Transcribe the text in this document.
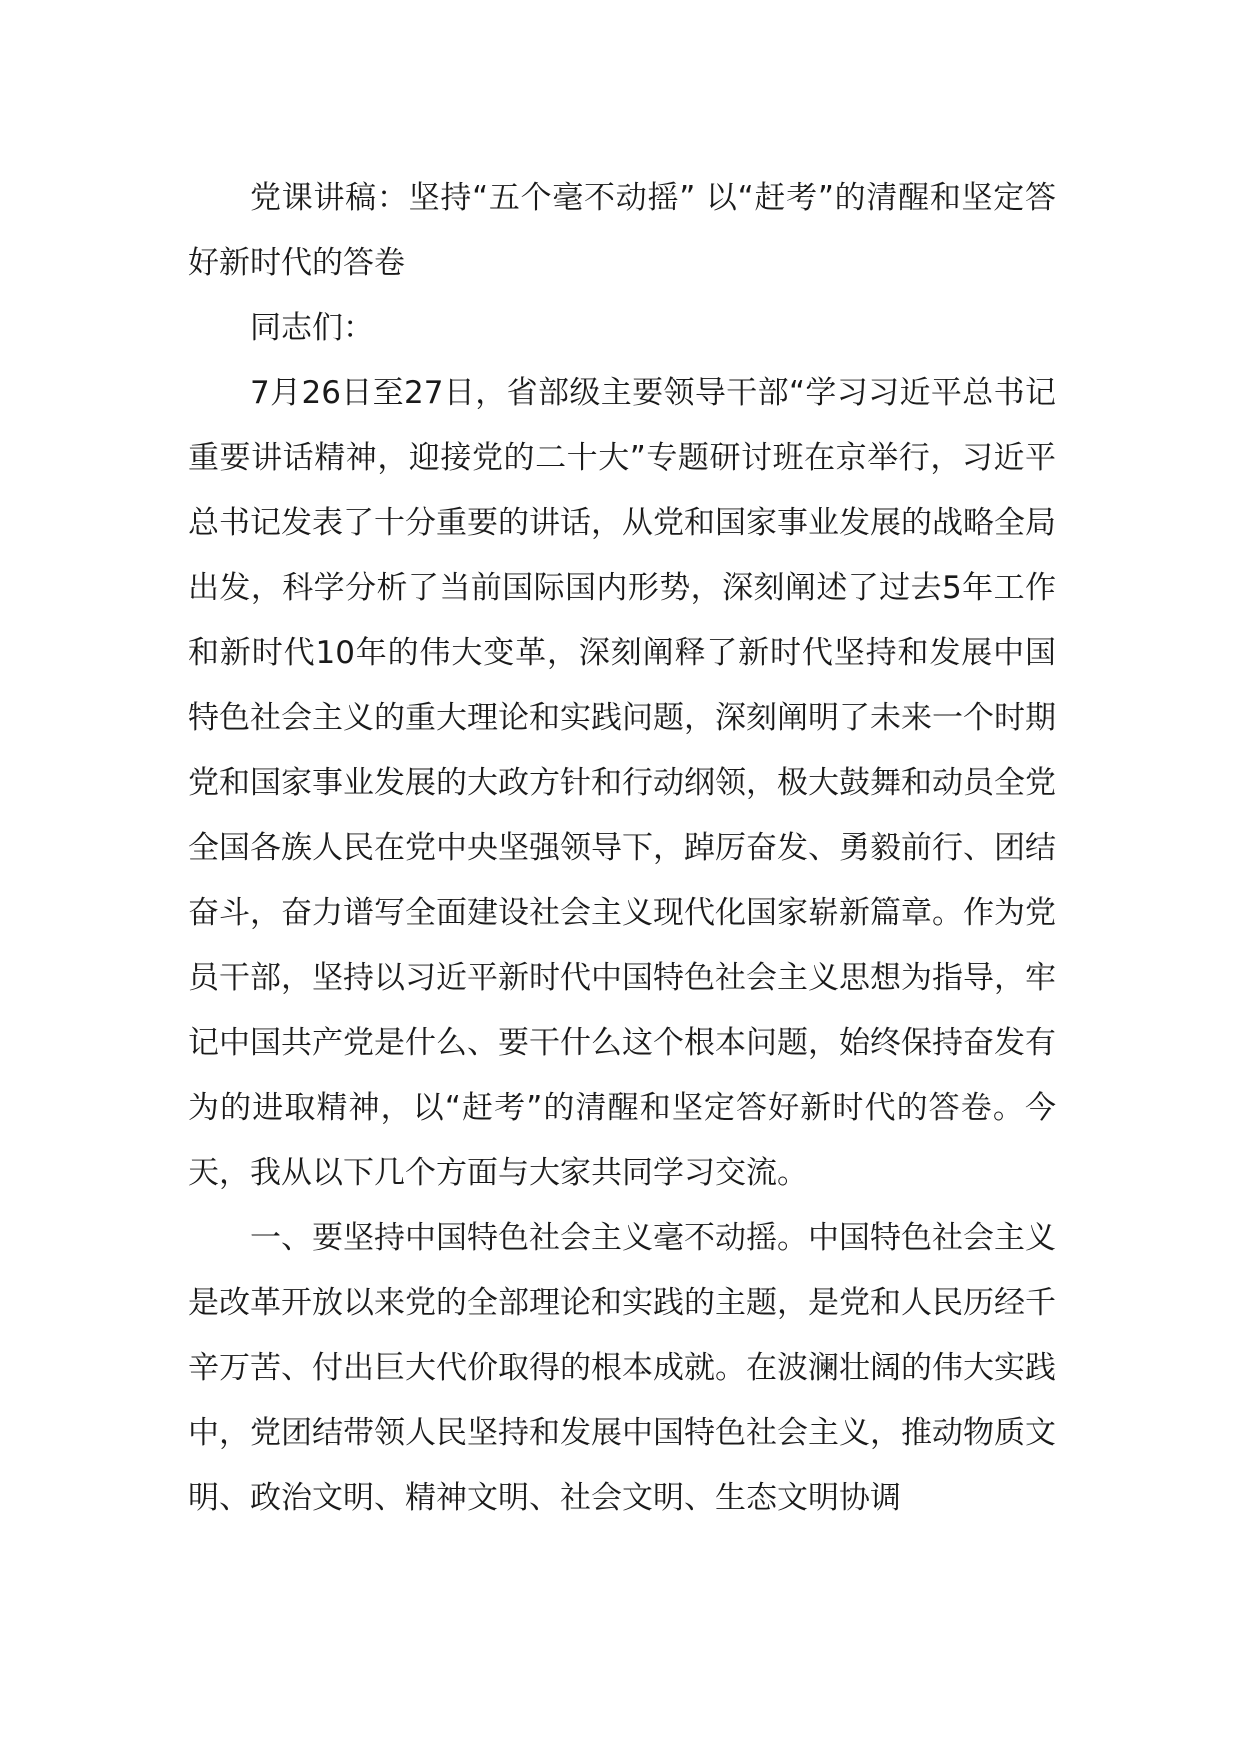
党课讲稿：坚持“五个毫不动摇” 以“赶考”的清醒和坚定答好新时代的答卷

同志们：

7月26日至27日，省部级主要领导干部“学习习近平总书记重要讲话精神，迎接党的二十大”专题研讨班在京举行，习近平总书记发表了十分重要的讲话，从党和国家事业发展的战略全局出发，科学分析了当前国际国内形势，深刻阐述了过去5年工作和新时代10年的伟大变革，深刻阐释了新时代坚持和发展中国特色社会主义的重大理论和实践问题，深刻阐明了未来一个时期党和国家事业发展的大政方针和行动纲领，极大鼓舞和动员全党全国各族人民在党中央坚强领导下，踔厉奋发、勇毅前行、团结奋斗，奋力谱写全面建设社会主义现代化国家崭新篇章。作为党员干部，坚持以习近平新时代中国特色社会主义思想为指导，牢记中国共产党是什么、要干什么这个根本问题，始终保持奋发有为的进取精神，以“赶考”的清醒和坚定答好新时代的答卷。今天，我从以下几个方面与大家共同学习交流。

一、要坚持中国特色社会主义毫不动摇。中国特色社会主义是改革开放以来党的全部理论和实践的主题，是党和人民历经千辛万苦、付出巨大代价取得的根本成就。在波澜壮阔的伟大实践中，党团结带领人民坚持和发展中国特色社会主义，推动物质文明、政治文明、精神文明、社会文明、生态文明协调
